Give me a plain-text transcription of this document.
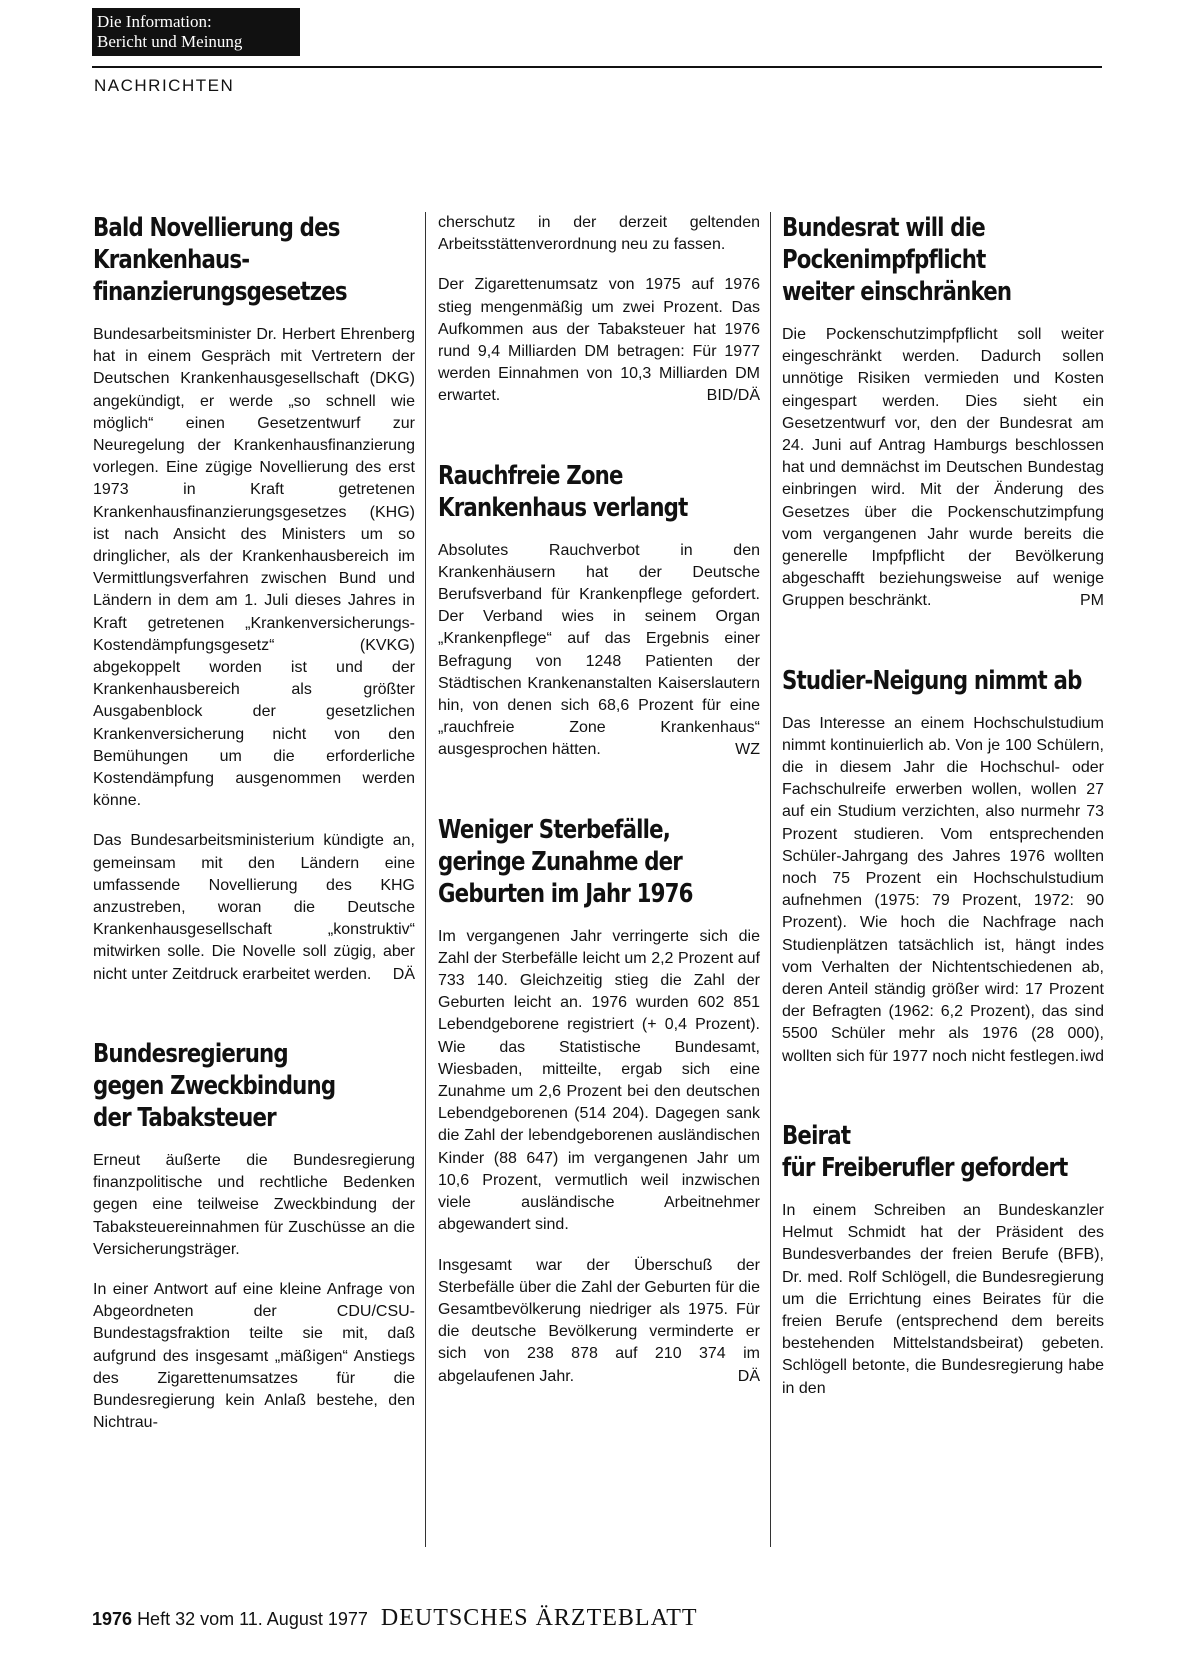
Die Information:
Bericht und Meinung
NACHRICHTEN
Bald Novellierung des
Krankenhaus-
finanzierungsgesetzes

Bundesarbeitsminister Dr. Herbert Ehrenberg hat in einem Gespräch mit Vertretern der Deutschen Krankenhausgesellschaft (DKG) angekündigt, er werde „so schnell wie möglich“ einen Gesetzentwurf zur Neuregelung der Krankenhausfinanzierung vorlegen. Eine zügige Novellierung des erst 1973 in Kraft getretenen Krankenhausfinanzierungsgesetzes (KHG) ist nach Ansicht des Ministers um so dringlicher, als der Krankenhausbereich im Vermittlungsverfahren zwischen Bund und Ländern in dem am 1. Juli dieses Jahres in Kraft getretenen „Krankenversicherungs-Kostendämpfungsgesetz“ (KVKG) abgekoppelt worden ist und der Krankenhausbereich als größter Ausgabenblock der gesetzlichen Krankenversicherung nicht von den Bemühungen um die erforderliche Kostendämpfung ausgenommen werden könne.

Das Bundesarbeitsministerium kündigte an, gemeinsam mit den Ländern eine umfassende Novellierung des KHG anzustreben, woran die Deutsche Krankenhausgesellschaft „konstruktiv“ mitwirken solle. Die Novelle soll zügig, aber nicht unter Zeitdruck erarbeitet werden. DÄ

Bundesregierung
gegen Zweckbindung
der Tabaksteuer

Erneut äußerte die Bundesregierung finanzpolitische und rechtliche Bedenken gegen eine teilweise Zweckbindung der Tabaksteuereinnahmen für Zuschüsse an die Versicherungsträger.

In einer Antwort auf eine kleine Anfrage von Abgeordneten der CDU/CSU-Bundestagsfraktion teilte sie mit, daß aufgrund des insgesamt „mäßigen“ Anstiegs des Zigarettenumsatzes für die Bundesregierung kein Anlaß bestehe, den Nichtrau-

cherschutz in der derzeit geltenden Arbeitsstättenverordnung neu zu fassen.

Der Zigarettenumsatz von 1975 auf 1976 stieg mengenmäßig um zwei Prozent. Das Aufkommen aus der Tabaksteuer hat 1976 rund 9,4 Milliarden DM betragen: Für 1977 werden Einnahmen von 10,3 Milliarden DM erwartet.	BID/DÄ

Rauchfreie Zone
Krankenhaus verlangt

Absolutes Rauchverbot in den Krankenhäusern hat der Deutsche Berufsverband für Krankenpflege gefordert. Der Verband wies in seinem Organ „Krankenpflege“ auf das Ergebnis einer Befragung von 1248 Patienten der Städtischen Krankenanstalten Kaiserslautern hin, von denen sich 68,6 Prozent für eine „rauchfreie Zone Krankenhaus“ ausgesprochen hätten.	WZ

Weniger Sterbefälle,
geringe Zunahme der
Geburten im Jahr 1976

Im vergangenen Jahr verringerte sich die Zahl der Sterbefälle leicht um 2,2 Prozent auf 733 140. Gleichzeitig stieg die Zahl der Geburten leicht an. 1976 wurden 602 851 Lebendgeborene registriert (+ 0,4 Prozent). Wie das Statistische Bundesamt, Wiesbaden, mitteilte, ergab sich eine Zunahme um 2,6 Prozent bei den deutschen Lebendgeborenen (514 204). Dagegen sank die Zahl der lebendgeborenen ausländischen Kinder (88 647) im vergangenen Jahr um 10,6 Prozent, vermutlich weil inzwischen viele ausländische Arbeitnehmer abgewandert sind.

Insgesamt war der Überschuß der Sterbefälle über die Zahl der Geburten für die Gesamtbevölkerung niedriger als 1975. Für die deutsche Bevölkerung verminderte er sich von 238 878 auf 210 374 im abgelaufenen Jahr.	DÄ

Bundesrat will die
Pockenimpfpflicht
weiter einschränken

Die Pockenschutzimpfpflicht soll weiter eingeschränkt werden. Dadurch sollen unnötige Risiken vermieden und Kosten eingespart werden. Dies sieht ein Gesetzentwurf vor, den der Bundesrat am 24. Juni auf Antrag Hamburgs beschlossen hat und demnächst im Deutschen Bundestag einbringen wird. Mit der Änderung des Gesetzes über die Pockenschutzimpfung vom vergangenen Jahr wurde bereits die generelle Impfpflicht der Bevölkerung abgeschafft beziehungsweise auf wenige Gruppen beschränkt.	PM

Studier-Neigung nimmt ab

Das Interesse an einem Hochschulstudium nimmt kontinuierlich ab. Von je 100 Schülern, die in diesem Jahr die Hochschul- oder Fachschulreife erwerben wollen, wollen 27 auf ein Studium verzichten, also nurmehr 73 Prozent studieren. Vom entsprechenden Schüler-Jahrgang des Jahres 1976 wollten noch 75 Prozent ein Hochschulstudium aufnehmen (1975: 79 Prozent, 1972: 90 Prozent). Wie hoch die Nachfrage nach Studienplätzen tatsächlich ist, hängt indes vom Verhalten der Nichtentschiedenen ab, deren Anteil ständig größer wird: 17 Prozent der Befragten (1962: 6,2 Prozent), das sind 5500 Schüler mehr als 1976 (28 000), wollten sich für 1977 noch nicht festlegen. iwd

Beirat
für Freiberufler gefordert

In einem Schreiben an Bundeskanzler Helmut Schmidt hat der Präsident des Bundesverbandes der freien Berufe (BFB), Dr. med. Rolf Schlögell, die Bundesregierung um die Errichtung eines Beirates für die freien Berufe (entsprechend dem bereits bestehenden Mittelstandsbeirat) gebeten. Schlögell betonte, die Bundesregierung habe in den

1976 Heft 32 vom 11. August 1977 DEUTSCHES ÄRZTEBLATT
